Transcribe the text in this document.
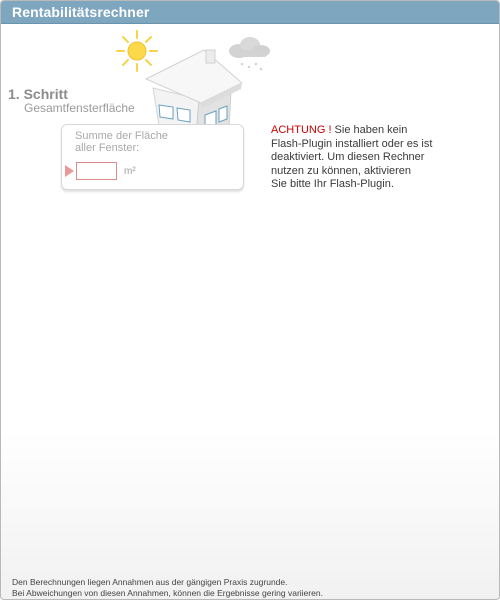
Rentabilitätsrechner
1. Schritt
Gesamtfensterfläche
Summe der Fläche aller Fenster:
m²
ACHTUNG ! Sie haben kein
Flash-Plugin installiert oder es ist
deaktiviert. Um diesen Rechner
nutzen zu können, aktivieren
Sie bitte Ihr Flash-Plugin.
Den Berechnungen liegen Annahmen aus der gängigen Praxis zugrunde.
Bei Abweichungen von diesen Annahmen, können die Ergebnisse gering variieren.
